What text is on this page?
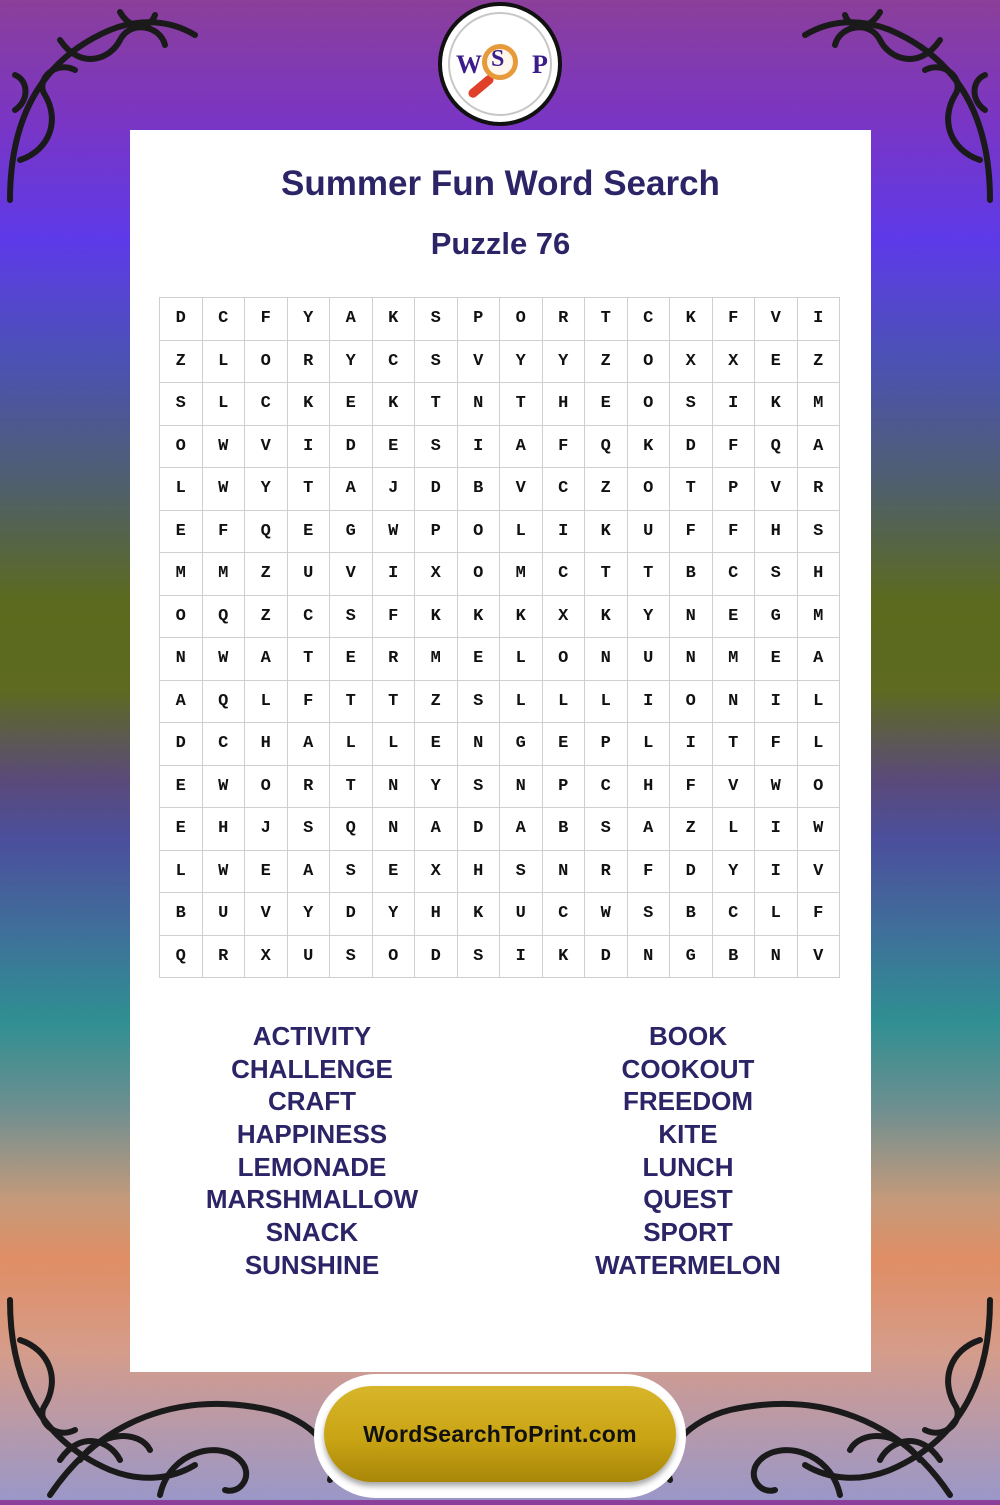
W S P
Summer Fun Word Search
Puzzle 76
D	C	F	Y	A	K	S	P	O	R	T	C	K	F	V	I
Z	L	O	R	Y	C	S	V	Y	Y	Z	O	X	X	E	Z
S	L	C	K	E	K	T	N	T	H	E	O	S	I	K	M
O	W	V	I	D	E	S	I	A	F	Q	K	D	F	Q	A
L	W	Y	T	A	J	D	B	V	C	Z	O	T	P	V	R
E	F	Q	E	G	W	P	O	L	I	K	U	F	F	H	S
M	M	Z	U	V	I	X	O	M	C	T	T	B	C	S	H
O	Q	Z	C	S	F	K	K	K	X	K	Y	N	E	G	M
N	W	A	T	E	R	M	E	L	O	N	U	N	M	E	A
A	Q	L	F	T	T	Z	S	L	L	L	I	O	N	I	L
D	C	H	A	L	L	E	N	G	E	P	L	I	T	F	L
E	W	O	R	T	N	Y	S	N	P	C	H	F	V	W	O
E	H	J	S	Q	N	A	D	A	B	S	A	Z	L	I	W
L	W	E	A	S	E	X	H	S	N	R	F	D	Y	I	V
B	U	V	Y	D	Y	H	K	U	C	W	S	B	C	L	F
Q	R	X	U	S	O	D	S	I	K	D	N	G	B	N	V
ACTIVITY
CHALLENGE
CRAFT
HAPPINESS
LEMONADE
MARSHMALLOW
SNACK
SUNSHINE
BOOK
COOKOUT
FREEDOM
KITE
LUNCH
QUEST
SPORT
WATERMELON
WordSearchToPrint.com
